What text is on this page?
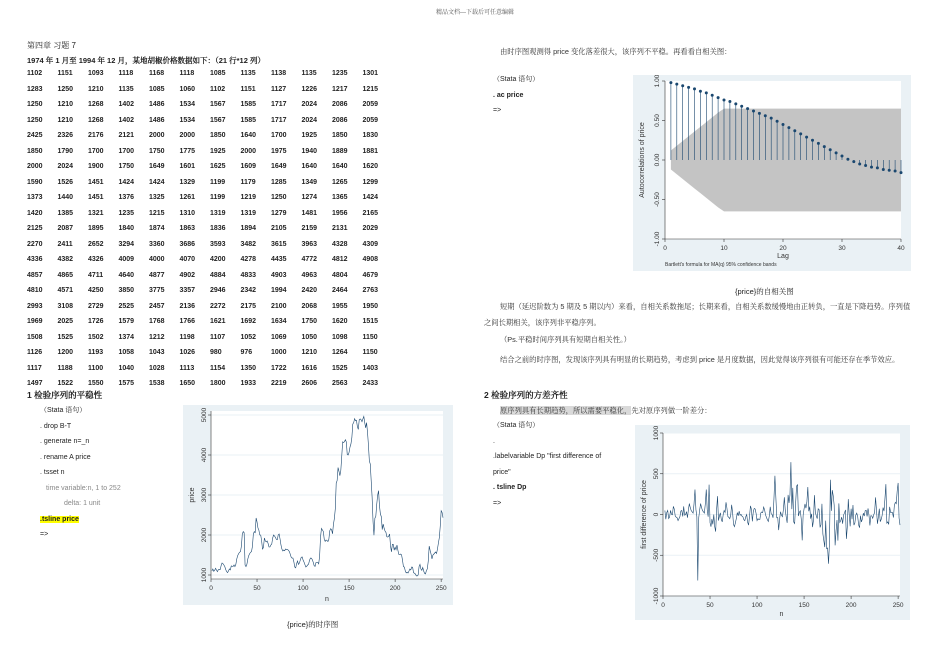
精品文档---下载后可任意编辑
第四章 习题 7
1974 年 1 月至 1994 年 12 月，某地胡椒价格数据如下：（21 行*12 列）
1102	1151	1093	1118	1168	1118	1085	1135	1138	1135	1235	1301
1283	1250	1210	1135	1085	1060	1102	1151	1127	1226	1217	1215
1250	1210	1268	1402	1486	1534	1567	1585	1717	2024	2086	2059
1250	1210	1268	1402	1486	1534	1567	1585	1717	2024	2086	2059
2425	2326	2176	2121	2000	2000	1850	1640	1700	1925	1850	1830
1850	1790	1700	1700	1750	1775	1925	2000	1975	1940	1889	1881
2000	2024	1900	1750	1649	1601	1625	1609	1649	1640	1640	1620
1590	1526	1451	1424	1424	1329	1199	1179	1285	1349	1265	1299
1373	1440	1451	1376	1325	1261	1199	1219	1250	1274	1365	1424
1420	1385	1321	1235	1215	1310	1319	1319	1279	1481	1956	2165
2125	2087	1895	1840	1874	1863	1836	1894	2105	2159	2131	2029
2270	2411	2652	3294	3360	3686	3593	3482	3615	3963	4328	4309
4336	4382	4326	4009	4000	4070	4200	4278	4435	4772	4812	4908
4857	4865	4711	4640	4877	4902	4884	4833	4903	4963	4804	4679
4810	4571	4250	3850	3775	3357	2946	2342	1994	2420	2464	2763
2993	3108	2729	2525	2457	2136	2272	2175	2100	2068	1955	1950
1969	2025	1726	1579	1768	1766	1621	1692	1634	1750	1620	1515
1508	1525	1502	1374	1212	1198	1107	1052	1069	1050	1098	1150
1126	1200	1193	1058	1043	1026	980	976	1000	1210	1264	1150
1117	1188	1100	1040	1028	1113	1154	1350	1722	1616	1525	1403
1497	1522	1550	1575	1538	1650	1800	1933	2219	2606	2563	2433
1 检验序列的平稳性
（Stata 语句）
. drop B-T
. generate n=_n
. rename A price
. tsset n
time variable:n, 1 to 252
delta: 1 unit
.tsline price
=>
1000
2000
3000
4000
5000
0	50	100	150	200	250
n
price
{price}的时序图
由时序图观测得 price 变化落差很大，该序列不平稳。再看看自相关图：
（Stata 语句）
. ac price
=>
-1.00
-0.50
0.00
0.50
1.00
0	10	20	30	40
Lag
Bartlett's formula for MA(q) 95% confidence bands
Autocorrelations of price
{price}的自相关图
短期（延迟阶数为 5 期及 5 期以内）来看，自相关系数拖尾；长期来看，自相关系数缓慢地由正转负，一直是下降趋势。序列值之间长期相关，该序列非平稳序列。
（Ps.平稳时间序列具有短期自相关性。）
结合之前的时序图，发现该序列具有明显的长期趋势，考虑到 price 是月度数据，因此觉得该序列很有可能还存在季节效应。
2 检验序列的方差齐性
原序列具有长期趋势，所以需要平稳化，先对原序列做一阶差分：
（Stata 语句）
.
.labelvariable Dp "first difference of
price"
. tsline Dp
=>
-1000
-500
0
500
1000
0	50	100	150	200	250
n
first difference of price
